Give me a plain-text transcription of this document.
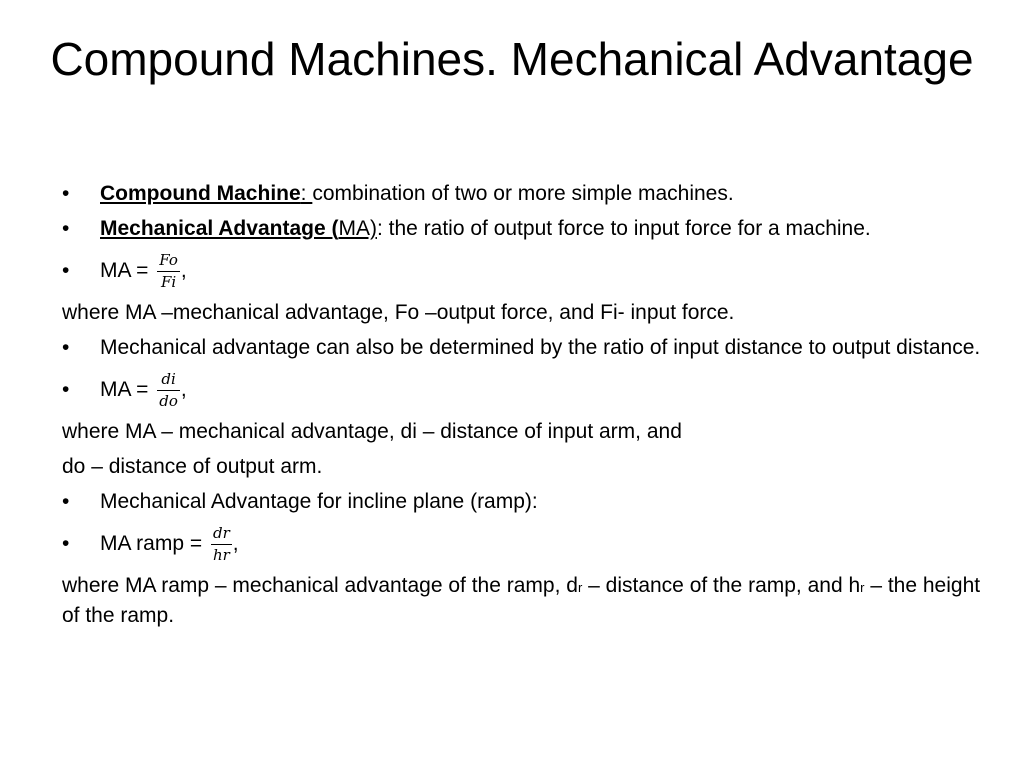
Compound Machines. Mechanical Advantage
•	Compound Machine: combination of two or more simple machines.
•	Mechanical Advantage (MA): the ratio of output force to input force for a machine.
•	MA = $\frac{Fo}{Fi}$ ,
where MA –mechanical advantage, Fo –output force, and Fi- input force.
•	Mechanical advantage can also be determined by the ratio of input distance to output distance.
•	MA = $\frac{di}{do}$ ,
where MA – mechanical advantage, di – distance of input arm, and
do – distance of output arm.
•	Mechanical Advantage for incline plane (ramp):
•	MA ramp = $\frac{dr}{hr}$ ,
where MA ramp – mechanical advantage of the ramp, dr – distance of the ramp, and hr – the height of the ramp.
